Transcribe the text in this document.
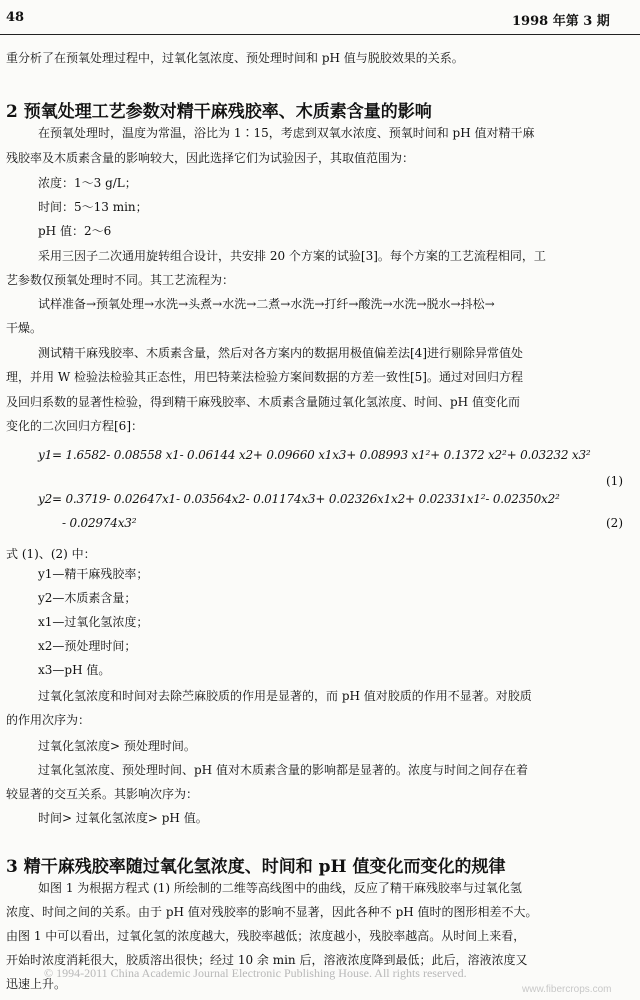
48	1998 年第 3 期
重分析了在预氧处理过程中，过氧化氢浓度、预处理时间和 pH 值与脱胶效果的关系。
2 预氧处理工艺参数对精干麻残胶率、木质素含量的影响
在预氧处理时，温度为常温，浴比为 1∶15，考虑到双氧水浓度、预氧时间和 pH 值对精干麻
残胶率及木质素含量的影响较大，因此选择它们为试验因子，其取值范围为：
浓度：1～3 g/L；
时间：5～13 min；
pH 值：2～6
采用三因子二次通用旋转组合设计，共安排 20 个方案的试验[3]。每个方案的工艺流程相同，工
艺参数仅预氧处理时不同。其工艺流程为：
试样准备→预氧处理→水洗→头煮→水洗→二煮→水洗→打纤→酸洗→水洗→脱水→抖松→
干燥。
测试精干麻残胶率、木质素含量，然后对各方案内的数据用极值偏差法[4]进行剔除异常值处
理，并用 W 检验法检验其正态性，用巴特莱法检验方案间数据的方差一致性[5]。通过对回归方程
及回归系数的显著性检验，得到精干麻残胶率、木质素含量随过氧化氢浓度、时间、pH 值变化而
变化的二次回归方程[6]：
y1= 1.6582- 0.08558 x1- 0.06144 x2+ 0.09660 x1x3+ 0.08993 x1²+ 0.1372 x2²+ 0.03232 x3²
(1)
y2= 0.3719- 0.02647x1- 0.03564x2- 0.01174x3+ 0.02326x1x2+ 0.02331x1²- 0.02350x2²
- 0.02974x3²	(2)
式 (1)、(2) 中：
y1—精干麻残胶率；
y2—木质素含量；
x1—过氧化氢浓度；
x2—预处理时间；
x3—pH 值。
过氧化氢浓度和时间对去除苎麻胶质的作用是显著的，而 pH 值对胶质的作用不显著。对胶质
的作用次序为：
过氧化氢浓度> 预处理时间。
过氧化氢浓度、预处理时间、pH 值对木质素含量的影响都是显著的。浓度与时间之间存在着
较显著的交互关系。其影响次序为：
时间> 过氧化氢浓度> pH 值。
3 精干麻残胶率随过氧化氢浓度、时间和 pH 值变化而变化的规律
如图 1 为根据方程式 (1) 所绘制的二维等高线图中的曲线，反应了精干麻残胶率与过氧化氢
浓度、时间之间的关系。由于 pH 值对残胶率的影响不显著，因此各种不 pH 值时的图形相差不大。
由图 1 中可以看出，过氧化氢的浓度越大，残胶率越低；浓度越小，残胶率越高。从时间上来看，
开始时浓度消耗很大，胶质溶出很快；经过 10 余 min 后，溶液浓度降到最低；此后，溶液浓度又
迅速上升。
© 1994-2011 China Academic Journal Electronic Publishing House. All rights reserved.
www.fibercrops.com
